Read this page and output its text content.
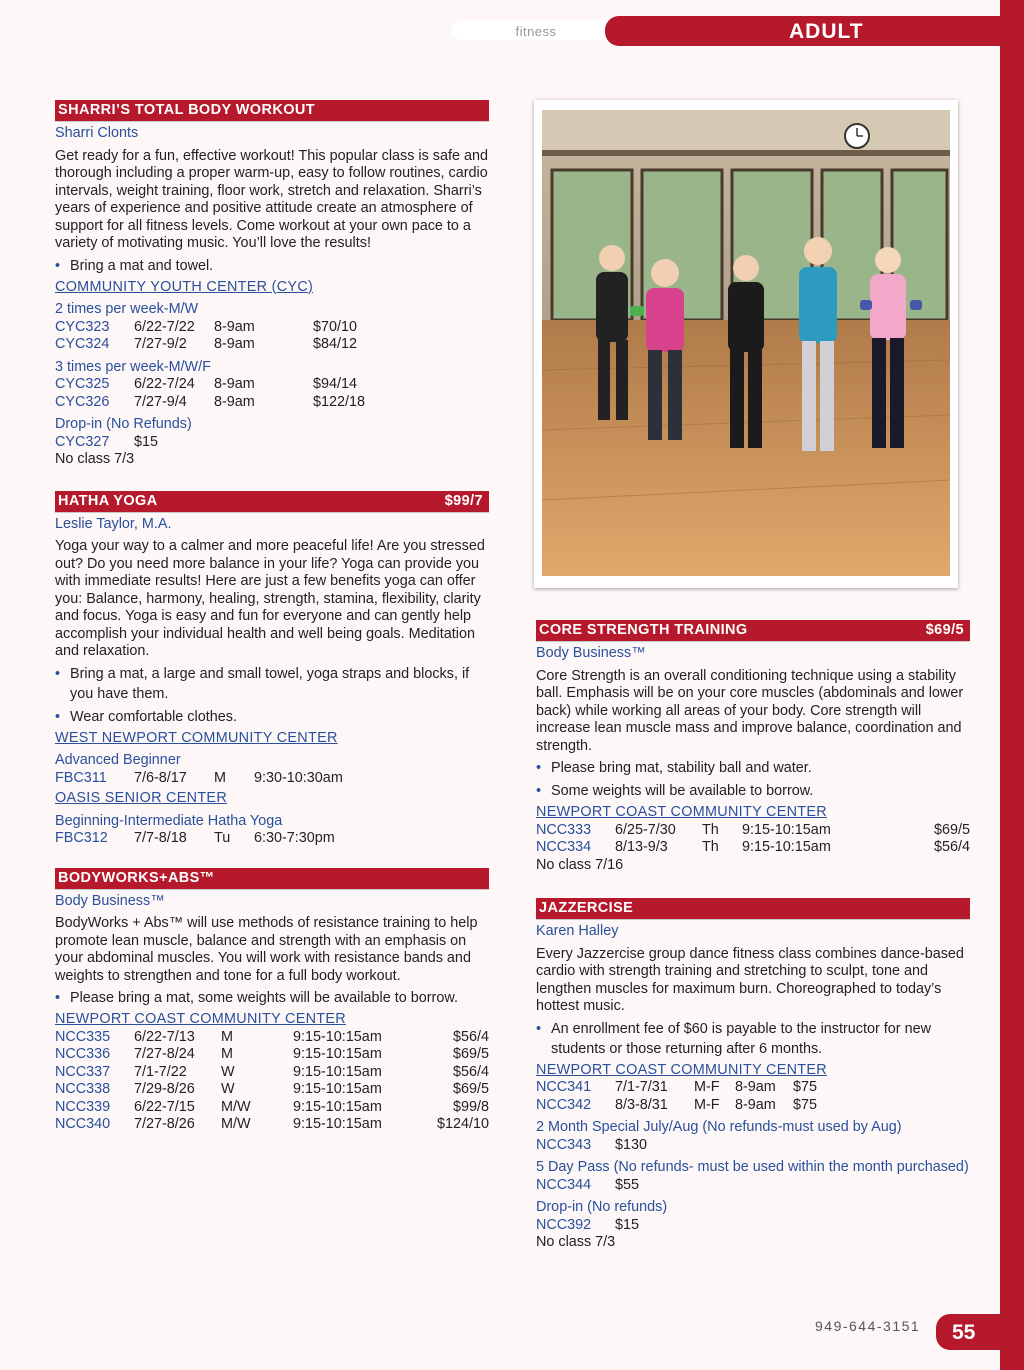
fitness	ADULT
SHARRI’S TOTAL BODY WORKOUT
Sharri Clonts

Get ready for a fun, effective workout! This popular class is safe and thorough including a proper warm-up, easy to follow routines, cardio intervals, weight training, floor work, stretch and relaxation. Sharri’s years of experience and positive attitude create an atmosphere of support for all fitness levels. Come workout at your own pace to a variety of motivating music. You’ll love the results!

• Bring a mat and towel.
COMMUNITY YOUTH CENTER (CYC)
2 times per week-M/W
CYC323	6/22-7/22	8-9am	$70/10
CYC324	7/27-9/2	8-9am	$84/12
3 times per week-M/W/F
CYC325	6/22-7/24	8-9am	$94/14
CYC326	7/27-9/4	8-9am	$122/18
Drop-in (No Refunds)
CYC327	$15
No class 7/3
HATHA YOGA	$99/7
Leslie Taylor, M.A.

Yoga your way to a calmer and more peaceful life! Are you stressed out? Do you need more balance in your life? Yoga can provide you with immediate results! Here are just a few benefits yoga can offer you: Balance, harmony, healing, strength, stamina, flexibility, clarity and focus. Yoga is easy and fun for everyone and can gently help accomplish your individual health and well being goals. Meditation and relaxation.

• Bring a mat, a large and small towel, yoga straps and blocks, if you have them.
• Wear comfortable clothes.
WEST NEWPORT COMMUNITY CENTER
Advanced Beginner
FBC311	7/6-8/17	M	9:30-10:30am
OASIS SENIOR CENTER
Beginning-Intermediate Hatha Yoga
FBC312	7/7-8/18	Tu	6:30-7:30pm
BODYWORKS+ABS™
Body Business™

BodyWorks + Abs™ will use methods of resistance training to help promote lean muscle, balance and strength with an emphasis on your abdominal muscles. You will work with resistance bands and weights to strengthen and tone for a full body workout.

• Please bring a mat, some weights will be available to borrow.
NEWPORT COAST COMMUNITY CENTER
NCC335	6/22-7/13	M	9:15-10:15am	$56/4
NCC336	7/27-8/24	M	9:15-10:15am	$69/5
NCC337	7/1-7/22	W	9:15-10:15am	$56/4
NCC338	7/29-8/26	W	9:15-10:15am	$69/5
NCC339	6/22-7/15	M/W	9:15-10:15am	$99/8
NCC340	7/27-8/26	M/W	9:15-10:15am	$124/10
CORE STRENGTH TRAINING	$69/5
Body Business™

Core Strength is an overall conditioning technique using a stability ball. Emphasis will be on your core muscles (abdominals and lower back) while working all areas of your body. Core strength will increase lean muscle mass and improve balance, coordination and strength.

• Please bring mat, stability ball and water.
• Some weights will be available to borrow.
NEWPORT COAST COMMUNITY CENTER
NCC333	6/25-7/30	Th	9:15-10:15am	$69/5
NCC334	8/13-9/3	Th	9:15-10:15am	$56/4
No class 7/16
JAZZERCISE
Karen Halley

Every Jazzercise group dance fitness class combines dance-based cardio with strength training and stretching to sculpt, tone and lengthen muscles for maximum burn. Choreographed to today’s hottest music.

• An enrollment fee of $60 is payable to the instructor for new students or those returning after 6 months.
NEWPORT COAST COMMUNITY CENTER
NCC341	7/1-7/31	M-F	8-9am	$75
NCC342	8/3-8/31	M-F	8-9am	$75
2 Month Special July/Aug (No refunds-must used by Aug)
NCC343	$130
5 Day Pass (No refunds- must be used within the month purchased)
NCC344	$55
Drop-in (No refunds)
NCC392	$15
No class 7/3
949-644-3151	55
